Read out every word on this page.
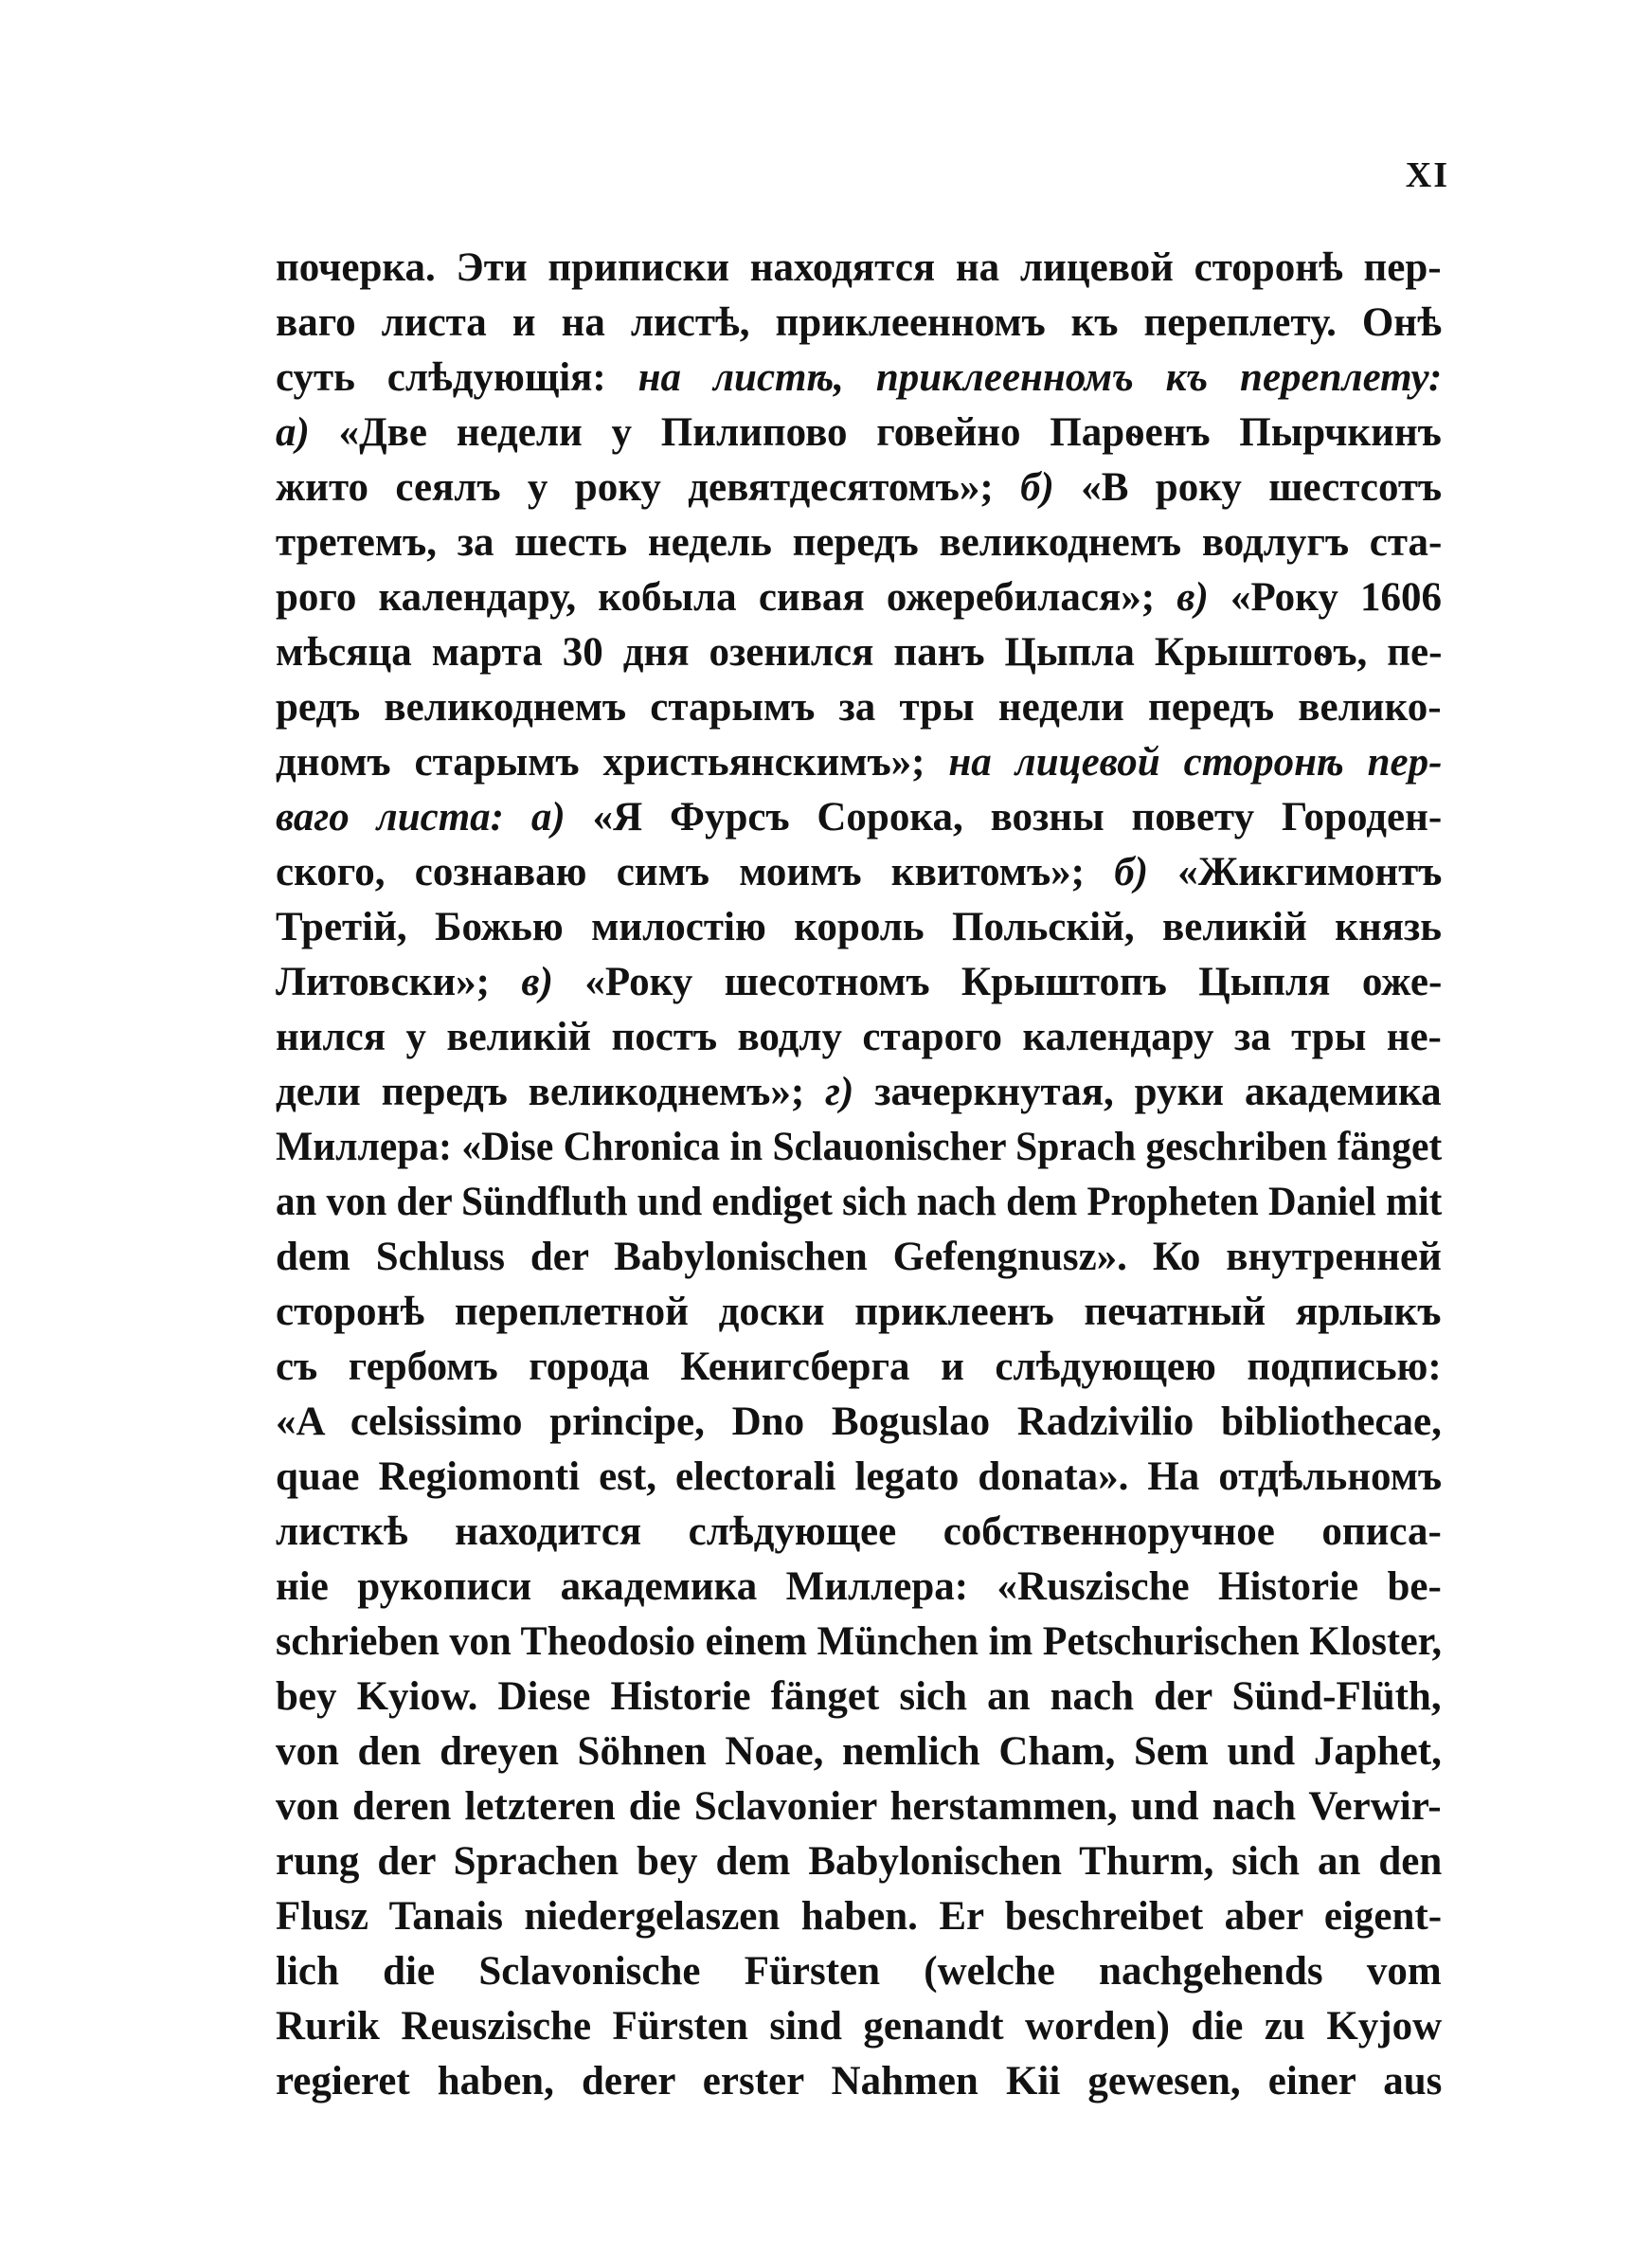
XI
почерка. Эти приписки находятся на лицевой сторонѣ пер-
ваго листа и на листѣ, приклеенномъ къ переплету. Онѣ
суть слѣдующія: на листѣ, приклеенномъ къ переплету:
а) «Две недели у Пилипово говейно Парѳенъ Пырчкинъ
жито сеялъ у року девятдесятомъ»; б) «В року шестсотъ
третемъ, за шесть недель передъ великоднемъ водлугъ ста-
рого календару, кобыла сивая ожеребилася»; в) «Року 1606
мѣсяца марта 30 дня озенился панъ Цыпла Крыштоѳъ, пе-
редъ великоднемъ старымъ за тры недели передъ велико-
дномъ старымъ христьянскимъ»; на лицевой сторонѣ пер-
ваго листа: а) «Я Фурсъ Сорока, возны повету Городен-
ского, сознаваю симъ моимъ квитомъ»; б) «Жикгимонтъ
Третій, Божью милостію король Польскій, великій князь
Литовски»; в) «Року шесотномъ Крыштопъ Цыпля оже-
нился у великій постъ водлу старого календару за тры не-
дели передъ великоднемъ»; г) зачеркнутая, руки академика
Миллера: «Dise Chronica in Sclauonischer Sprach geschriben fänget
an von der Sündfluth und endiget sich nach dem Propheten Daniel mit
dem Schluss der Babylonischen Gefengnusz». Ко внутренней
сторонѣ переплетной доски приклеенъ печатный ярлыкъ
съ гербомъ города Кенигсберга и слѣдующею подписью:
«A celsissimo principe, Dno Boguslao Radzivilio bibliothecae,
quae Regiomonti est, electorali legato donata». На отдѣльномъ
листкѣ находится слѣдующее собственноручное описа-
ніе рукописи академика Миллера: «Ruszische Historie be-
schrieben von Theodosio einem München im Petschurischen Kloster,
bey Kyiow. Diese Historie fänget sich an nach der Sünd-Flüth,
von den dreyen Söhnen Noae, nemlich Cham, Sem und Japhet,
von deren letzteren die Sclavonier herstammen, und nach Verwir-
rung der Sprachen bey dem Babylonischen Thurm, sich an den
Flusz Tanais niedergelaszen haben. Er beschreibet aber eigent-
lich die Sclavonische Fürsten (welche nachgehends vom
Rurik Reuszische Fürsten sind genandt worden) die zu Kyjow
regieret haben, derer erster Nahmen Kii gewesen, einer aus
